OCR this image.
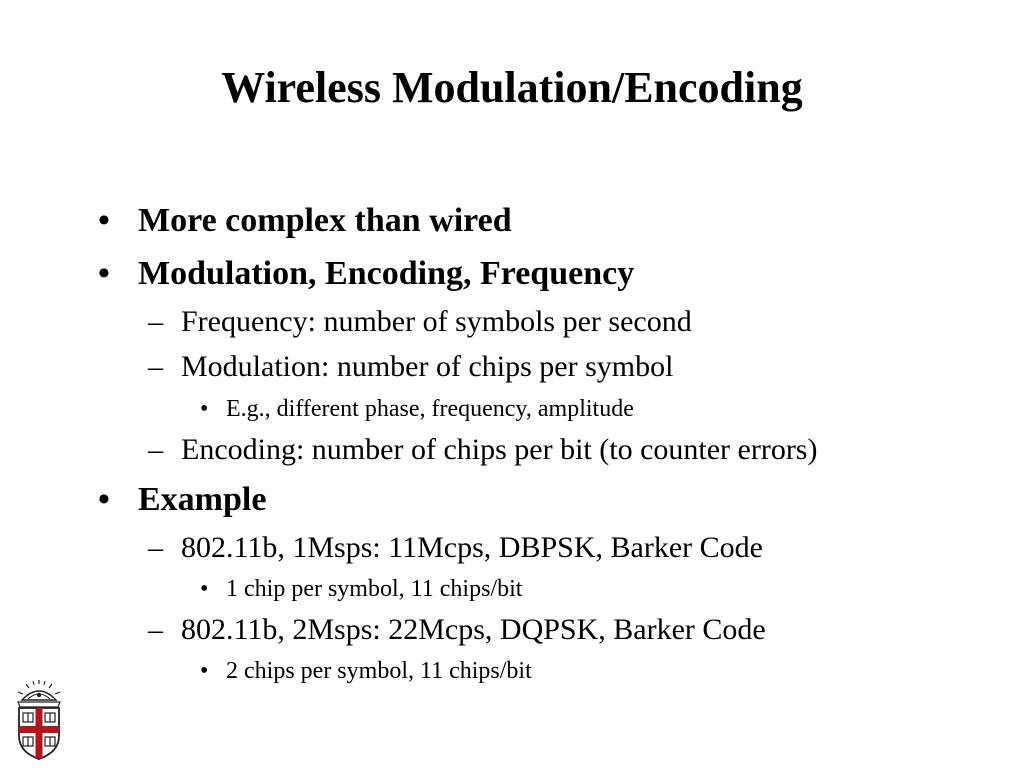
Wireless Modulation/Encoding
• More complex than wired
• Modulation, Encoding, Frequency
– Frequency: number of symbols per second
– Modulation: number of chips per symbol
• E.g., different phase, frequency, amplitude
– Encoding: number of chips per bit (to counter errors)
• Example
– 802.11b, 1Msps: 11Mcps, DBPSK, Barker Code
• 1 chip per symbol, 11 chips/bit
– 802.11b, 2Msps: 22Mcps, DQPSK, Barker Code
• 2 chips per symbol, 11 chips/bit
